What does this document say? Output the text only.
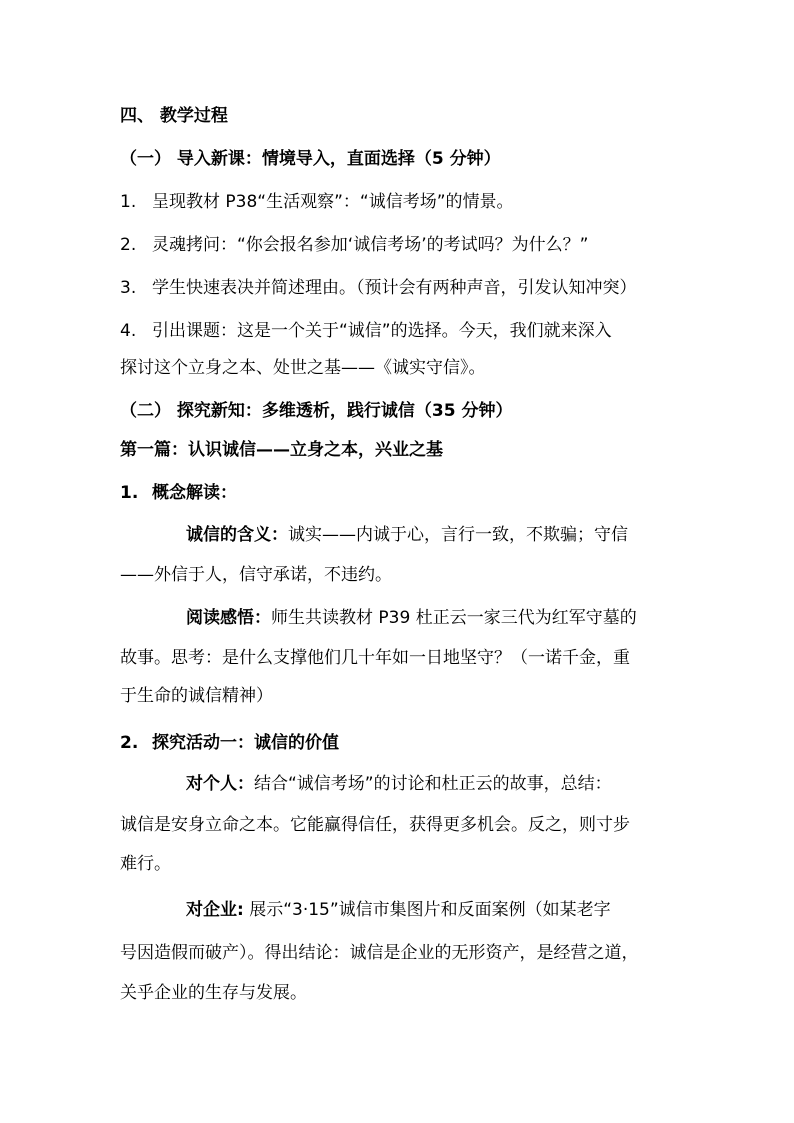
四、 教学过程
（一） 导入新课：情境导入，直面选择（5 分钟）
1. 呈现教材 P38“生活观察”：“诚信考场”的情景。
2. 灵魂拷问：“你会报名参加‘诚信考场’的考试吗？为什么？”
3. 学生快速表决并简述理由。（预计会有两种声音，引发认知冲突）
4. 引出课题：这是一个关于“诚信”的选择。今天，我们就来深入
探讨这个立身之本、处世之基——《诚实守信》。
（二） 探究新知：多维透析，践行诚信（35 分钟）
第一篇：认识诚信——立身之本，兴业之基
1. 概念解读：
诚信的含义：诚实——内诚于心，言行一致，不欺骗；守信
——外信于人，信守承诺，不违约。
阅读感悟：师生共读教材 P39 杜正云一家三代为红军守墓的
故事。思考：是什么支撑他们几十年如一日地坚守？（一诺千金，重
于生命的诚信精神）
2. 探究活动一：诚信的价值
对个人：结合“诚信考场”的讨论和杜正云的故事，总结：
诚信是安身立命之本。它能赢得信任，获得更多机会。反之，则寸步
难行。
对企业: 展示“3·15”诚信市集图片和反面案例（如某老字
号因造假而破产）。得出结论：诚信是企业的无形资产，是经营之道，
关乎企业的生存与发展。
